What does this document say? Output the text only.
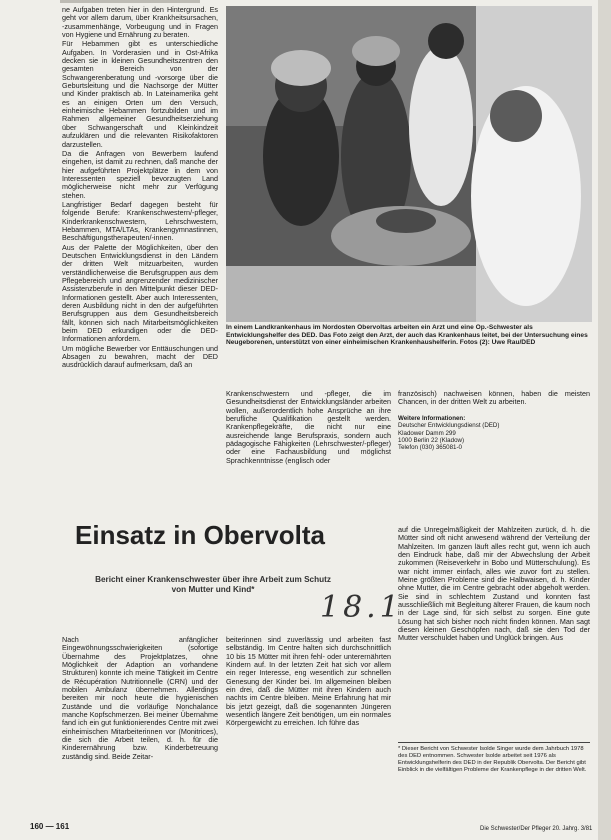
ne Aufgaben treten hier in den Hintergrund. Es geht vor allem darum, über Krankheitsursachen, -zusammenhänge, Vorbeugung und in Fragen von Hygiene und Ernährung zu beraten.

Für Hebammen gibt es unterschiedliche Aufgaben. In Vorderasien und in Ost-Afrika decken sie in kleinen Gesundheitszentren den gesamten Bereich von der Schwangerenberatung und -vorsorge über die Geburtsleitung und die Nachsorge der Mütter und Kinder praktisch ab. In Lateinamerika geht es an einigen Orten um den Versuch, einheimische Hebammen fortzubilden und im Rahmen allgemeiner Gesundheitserziehung über Schwangerschaft und Kleinkindzeit aufzuklären und die relevanten Risikofaktoren darzustellen.

Da die Anfragen von Bewerbern laufend eingehen, ist damit zu rechnen, daß manche der hier aufgeführten Projektplätze in dem von Interessenten speziell bevorzugten Land möglicherweise nicht mehr zur Verfügung stehen.

Langfristiger Bedarf dagegen besteht für folgende Berufe: Krankenschwestern/-pfleger, Kinderkrankenschwestern, Lehrschwestern, Hebammen, MTA/LTAs, Krankengymnastinnen, Beschäftigungstherapeuten/-innen.

Aus der Palette der Möglichkeiten, über den Deutschen Entwicklungsdienst in den Ländern der dritten Welt mitzuarbeiten, wurden verständlicherweise die Berufsgruppen aus dem Pflegebereich und angrenzender medizinischer Assistenzberufe in den Mittelpunkt dieser DED-Informationen gestellt. Aber auch Interessenten, deren Ausbildung nicht in den der aufgeführten Berufsgruppen aus dem Gesundheitsbereich fällt, können sich nach Mitarbeitsmöglichkeiten beim DED erkundigen oder die DED-Informationen anfordern.

Um mögliche Bewerber vor Enttäuschungen und Absagen zu bewahren, macht der DED ausdrücklich darauf aufmerksam, daß an

In einem Landkrankenhaus im Nordosten Obervoltas arbeiten ein Arzt und eine Op.-Schwester als Entwicklungshelfer des DED. Das Foto zeigt den Arzt, der auch das Krankenhaus leitet, bei der Untersuchung eines Neugeborenen, unterstützt von einer einheimischen Krankenhaushelferin. Fotos (2): Uwe Rau/DED

Krankenschwestern und -pfleger, die im Gesundheitsdienst der Entwicklungsländer arbeiten wollen, außerordentlich hohe Ansprüche an ihre berufliche Qualifikation gestellt werden. Krankenpflegekräfte, die nicht nur eine ausreichende lange Berufspraxis, sondern auch pädagogische Fähigkeiten (Lehrschwester/-pfleger) oder eine Fachausbildung und möglichst Sprachkenntnisse (englisch oder

französisch) nachweisen können, haben die meisten Chancen, in der dritten Welt zu arbeiten.

Weitere Informationen:
Deutscher Entwicklungsdienst (DED)
Kladower Damm 299
1000 Berlin 22 (Kladow)
Telefon (030) 365081-0
Einsatz in Obervolta
Bericht einer Krankenschwester über ihre Arbeit zum Schutz von Mutter und Kind*
18.1

Nach anfänglicher Eingewöhnungsschwierigkeiten (sofortige Übernahme des Projektplatzes, ohne Möglichkeit der Adaption an vorhandene Strukturen) konnte ich meine Tätigkeit im Centre de Récupération Nutritionnelle (CRN) und der mobilen Ambulanz übernehmen. Allerdings bereiten mir noch heute die hygienischen Zustände und die vorläufige Nonchalance manche Kopfschmerzen. Bei meiner Übernahme fand ich ein gut funktionierendes Centre mit zwei einheimischen Mitarbeiterinnen vor (Monitrices), die sich die Arbeit teilen, d. h. für die Kinderernährung bzw. Kinderbetreuung zuständig sind. Beide Zeitar-

beiterinnen sind zuverlässig und arbeiten fast selbständig. Im Centre halten sich durchschnittlich 10 bis 15 Mütter mit ihren fehl- oder unterernährten Kindern auf. In der letzten Zeit hat sich vor allem ein reger Interesse, eng wesentlich zur schnellen Genesung der Kinder bei. Im allgemeinen bleiben ein drei, daß die Mütter mit ihren Kindern auch nachts im Centre bleiben. Meine Erfahrung hat mir bis jetzt gezeigt, daß die sogenannten Jüngeren wesentlich längere Zeit benötigen, um ein normales Körpergewicht zu erreichen. Ich führe das

auf die Unregelmäßigkeit der Mahlzeiten zurück, d. h. die Mütter sind oft nicht anwesend während der Verteilung der Mahlzeiten. Im ganzen läuft alles recht gut, wenn ich auch den Eindruck habe, daß mir der Abwechslung der Arbeit zukommen (Reiseverkehr in Bobo und Mütterschulung). Es war nicht immer einfach, alles wie zuvor fort zu stellen. Meine größten Probleme sind die Halbwaisen, d. h. Kinder ohne Mutter, die im Centre gebracht oder abgeholt werden. Sie sind in schlechtem Zustand und konnten fast ausschließlich mit Begleitung älterer Frauen, die kaum noch in der Lage sind, für sich selbst zu sorgen. Eine gute Lösung hat sich bisher noch nicht finden können. Man sagt diesen kleinen Geschöpfen nach, daß sie den Tod der Mutter verschuldet haben und Unglück bringen. Aus

* Dieser Bericht von Schwester Isolde Singer wurde dem Jahrbuch 1978 des DED entnommen. Schwester Isolde arbeitet seit 1976 als Entwicklungshelferin des DED in der Republik Obervolta. Der Bericht gibt Einblick in die vielfältigen Probleme der Krankenpflege in der dritten Welt.
160 — 161	Die Schwester/Der Pfleger 20. Jahrg. 3/81
